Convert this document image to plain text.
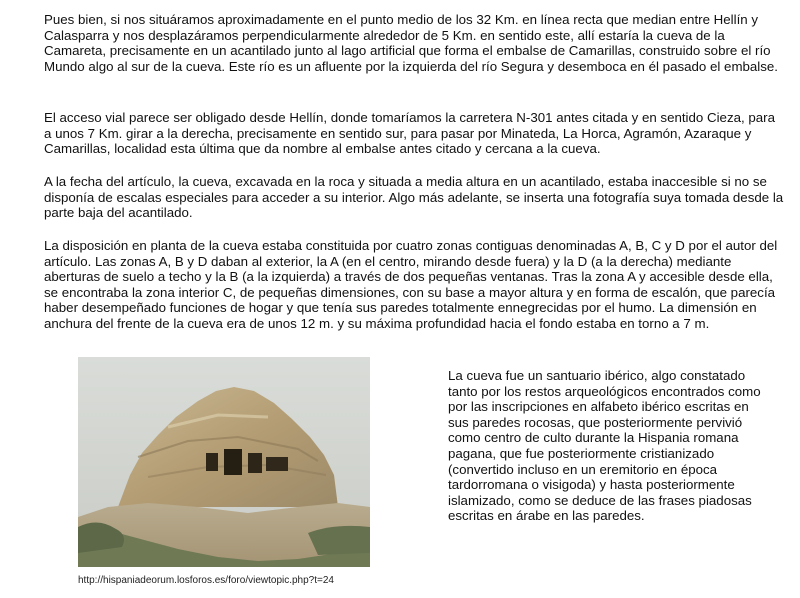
Pues bien, si nos situáramos aproximadamente en el punto medio de los 32 Km. en línea recta que median entre Hellín y Calasparra y nos desplazáramos perpendicularmente alrededor de 5 Km. en sentido este, allí estaría la cueva de la Camareta, precisamente en un acantilado junto al lago artificial que forma el embalse de Camarillas, construido sobre el río Mundo algo al sur de la cueva. Este río es un afluente por la izquierda del río Segura y desemboca en él pasado el embalse.

El acceso vial parece ser obligado desde Hellín, donde tomaríamos la carretera N-301 antes citada y en sentido Cieza, para a unos 7 Km. girar a la derecha, precisamente en sentido sur, para pasar por Minateda, La Horca, Agramón, Azaraque y Camarillas, localidad esta última que da nombre al embalse antes citado y cercana a la cueva.

A la fecha del artículo, la cueva, excavada en la roca y situada a media altura en un acantilado, estaba inaccesible si no se disponía de escalas especiales para acceder a su interior. Algo más adelante, se inserta una fotografía suya tomada desde la parte baja del acantilado.

La disposición en planta de la cueva estaba constituida por cuatro zonas contiguas denominadas A, B, C y D por el autor del artículo. Las zonas A, B y D daban al exterior, la A (en el centro, mirando desde fuera) y la D (a la derecha) mediante aberturas de suelo a techo y la B (a la izquierda) a través de dos pequeñas ventanas. Tras la zona A y accesible desde ella, se encontraba la zona interior C, de pequeñas dimensiones, con su base a mayor altura y en forma de escalón, que parecía haber desempeñado funciones de hogar y que tenía sus paredes totalmente ennegrecidas por el humo. La dimensión en anchura del frente de la cueva era de unos 12 m. y su máxima profundidad hacia el fondo estaba en torno a 7 m.

La cueva fue un santuario ibérico, algo constatado tanto por los restos arqueológicos encontrados como por las inscripciones en alfabeto ibérico escritas en sus paredes rocosas, que posteriormente pervivió como centro de culto durante la Hispania romana pagana, que fue posteriormente cristianizado (convertido incluso en un eremitorio en época tardorromana o visigoda) y hasta posteriormente islamizado, como se deduce de las frases piadosas escritas en árabe en las paredes.

http://hispaniadeorum.losforos.es/foro/viewtopic.php?t=24
